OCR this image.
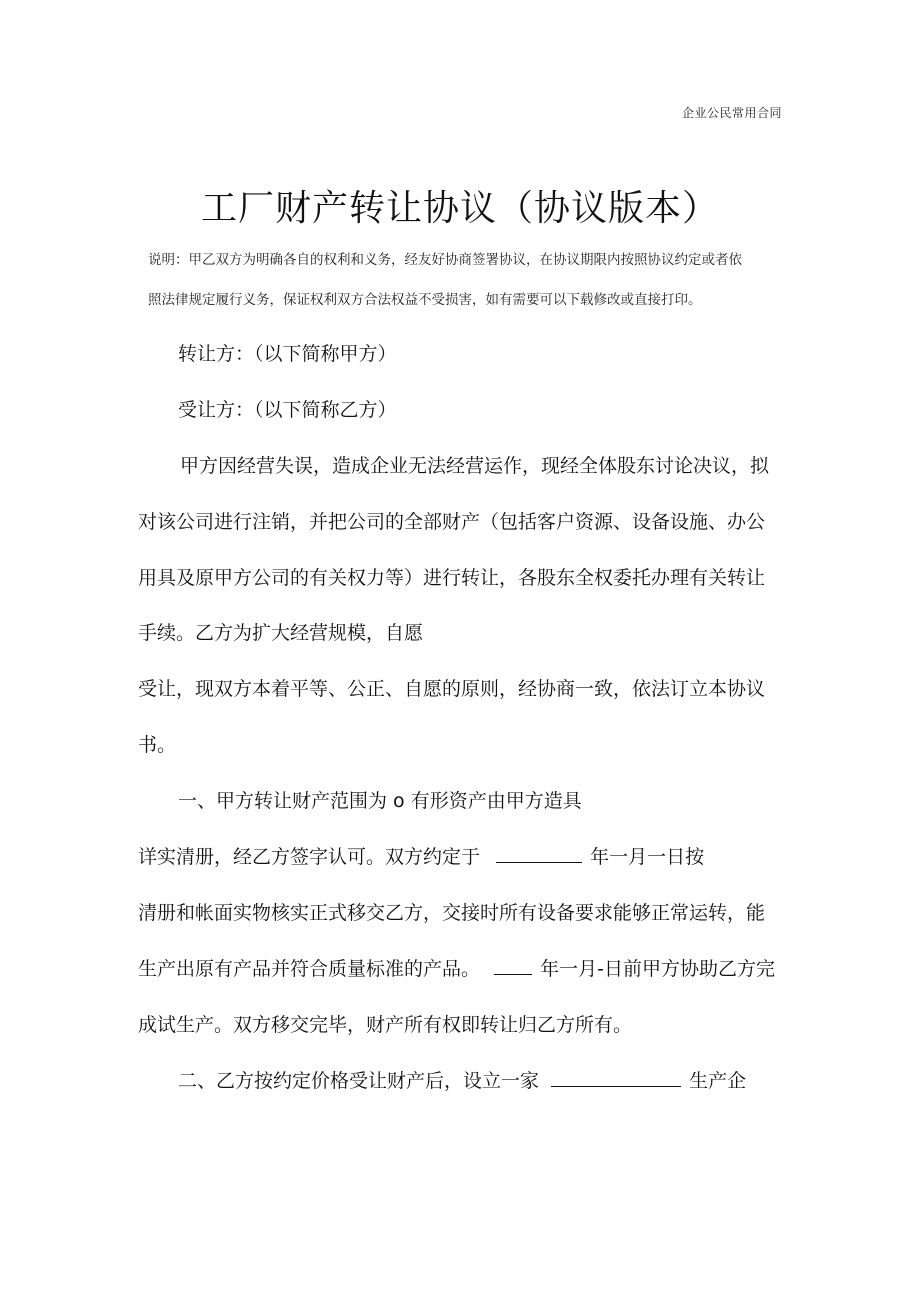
企业公民常用合同
工厂财产转让协议（协议版本）
说明：甲乙双方为明确各自的权利和义务，经友好协商签署协议，在协议期限内按照协议约定或者依
照法律规定履行义务，保证权利双方合法权益不受损害，如有需要可以下载修改或直接打印。
转让方：（以下简称甲方）
受让方：（以下简称乙方）
甲方因经营失误，造成企业无法经营运作，现经全体股东讨论决议，拟
对该公司进行注销，并把公司的全部财产（包括客户资源、设备设施、办公
用具及原甲方公司的有关权力等）进行转让，各股东全权委托办理有关转让
手续。乙方为扩大经营规模，自愿
受让，现双方本着平等、公正、自愿的原则，经协商一致，依法订立本协议
书。
一、甲方转让财产范围为 o 有形资产由甲方造具
详实清册，经乙方签字认可。双方约定于	年一月一日按
清册和帐面实物核实正式移交乙方，交接时所有设备要求能够正常运转，能
生产出原有产品并符合质量标准的产品。	年一月-日前甲方协助乙方完
成试生产。双方移交完毕，财产所有权即转让归乙方所有。
二、乙方按约定价格受让财产后，设立一家	生产企
